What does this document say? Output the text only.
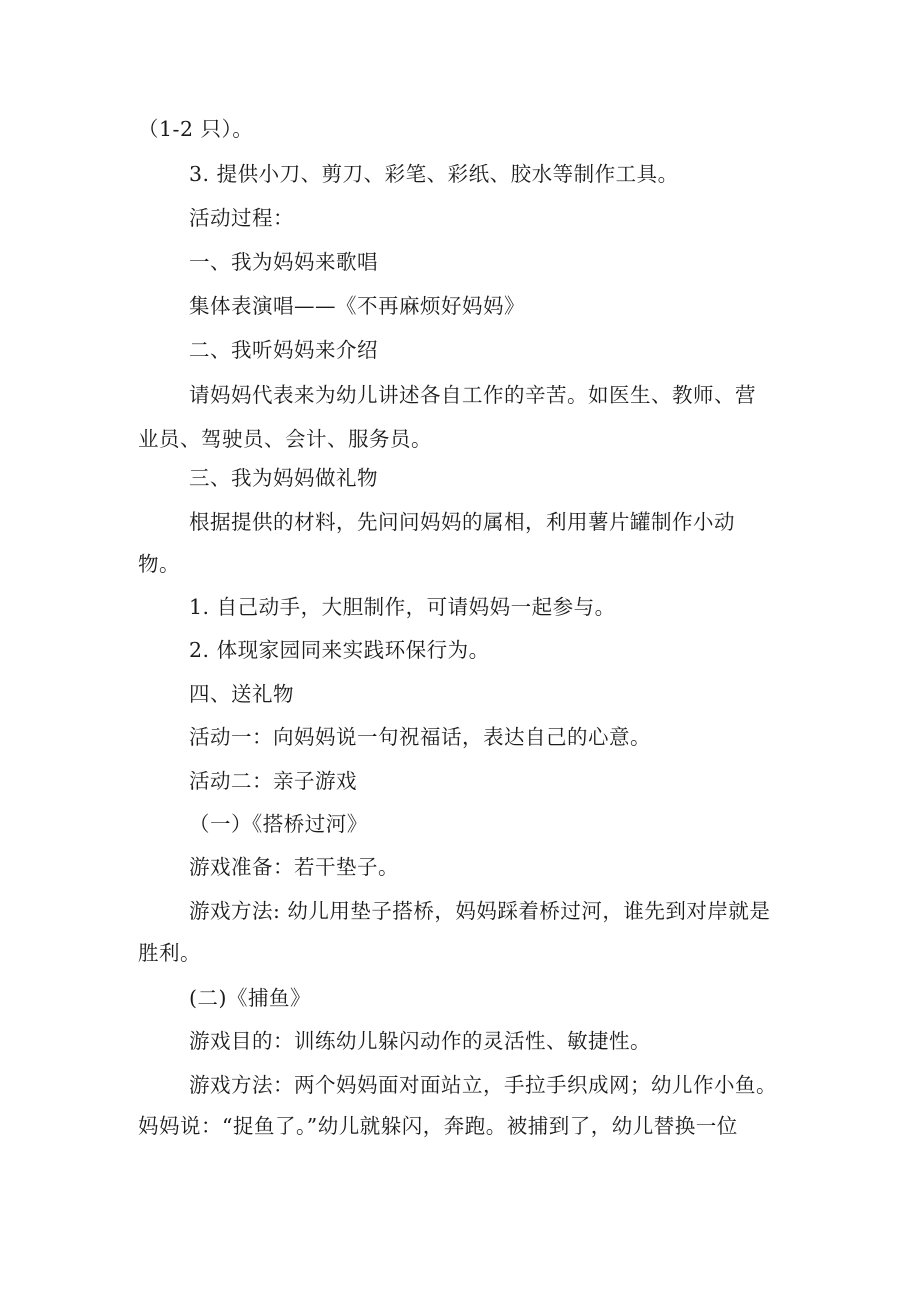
（1-2 只）。

3. 提供小刀、剪刀、彩笔、彩纸、胶水等制作工具。

活动过程：

一、我为妈妈来歌唱

集体表演唱——《不再麻烦好妈妈》

二、我听妈妈来介绍

请妈妈代表来为幼儿讲述各自工作的辛苦。如医生、教师、营

业员、驾驶员、会计、服务员。

三、我为妈妈做礼物

根据提供的材料，先问问妈妈的属相，利用薯片罐制作小动

物。

1. 自己动手，大胆制作，可请妈妈一起参与。

2. 体现家园同来实践环保行为。

四、送礼物

活动一：向妈妈说一句祝福话，表达自己的心意。

活动二：亲子游戏

（一）《搭桥过河》

游戏准备：若干垫子。

游戏方法: 幼儿用垫子搭桥，妈妈踩着桥过河，谁先到对岸就是

胜利。

(二)《捕鱼》

游戏目的：训练幼儿躲闪动作的灵活性、敏捷性。

游戏方法：两个妈妈面对面站立，手拉手织成网；幼儿作小鱼。

妈妈说：“捉鱼了。”幼儿就躲闪，奔跑。被捕到了，幼儿替换一位
